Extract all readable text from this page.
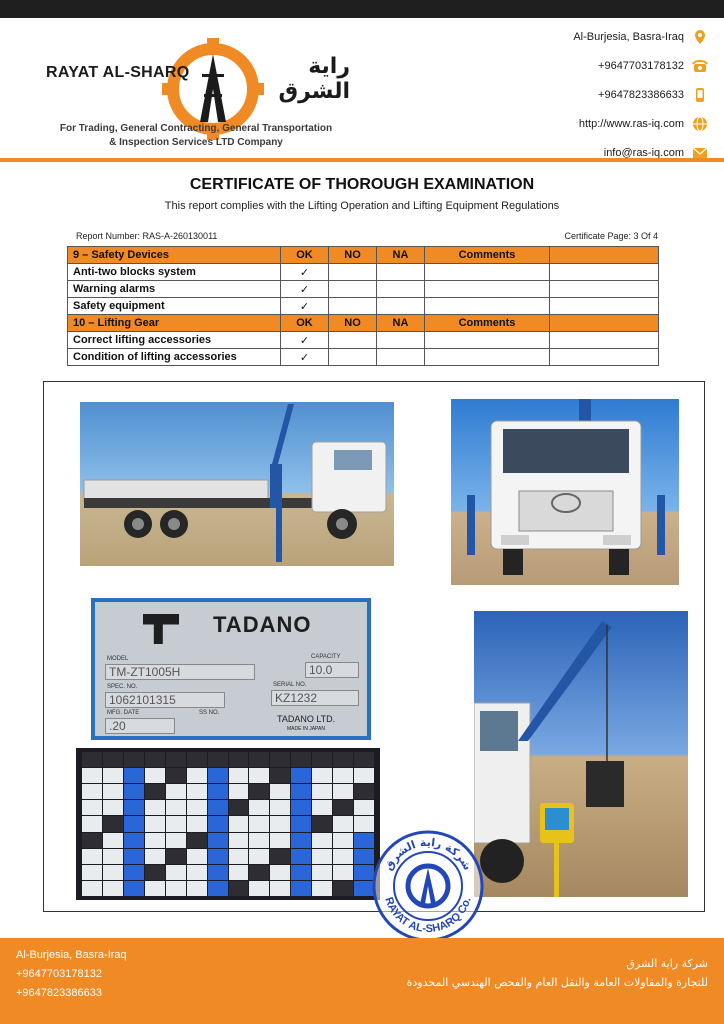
RAYAT AL-SHARQ	راية الشرق
For Trading, General Contracting, General Transportation
& Inspection Services LTD Company
Al-Burjesia, Basra-Iraq
+9647703178132
+9647823386633
http://www.ras-iq.com
info@ras-iq.com
CERTIFICATE OF THOROUGH EXAMINATION
This report complies with the Lifting Operation and Lifting Equipment Regulations
Report Number: RAS-A-260130011	Certificate Page: 3 Of 4
9 – Safety Devices	OK	NO	NA	Comments	
Anti-two blocks system	✓				
Warning alarms	✓				
Safety equipment	✓				
10 – Lifting Gear	OK	NO	NA	Comments	
Correct lifting accessories	✓				
Condition of lifting accessories	✓				
TADANO
MODEL
TM-ZT1005H
CAPACITY
10.0
SPEC. NO.
1062101315
SERIAL NO.
KZ1232
MFG. DATE
.20
SS NO.
TADANO LTD.
MADE IN JAPAN
شركة راية الشرق
RAYAT AL-SHARQ Co.
Al-Burjesia, Basra-Iraq
+9647703178132
+9647823386633
شركة راية الشرق
للتجارة والمقاولات العامة والنقل العام والفحص الهندسي المحدودة
